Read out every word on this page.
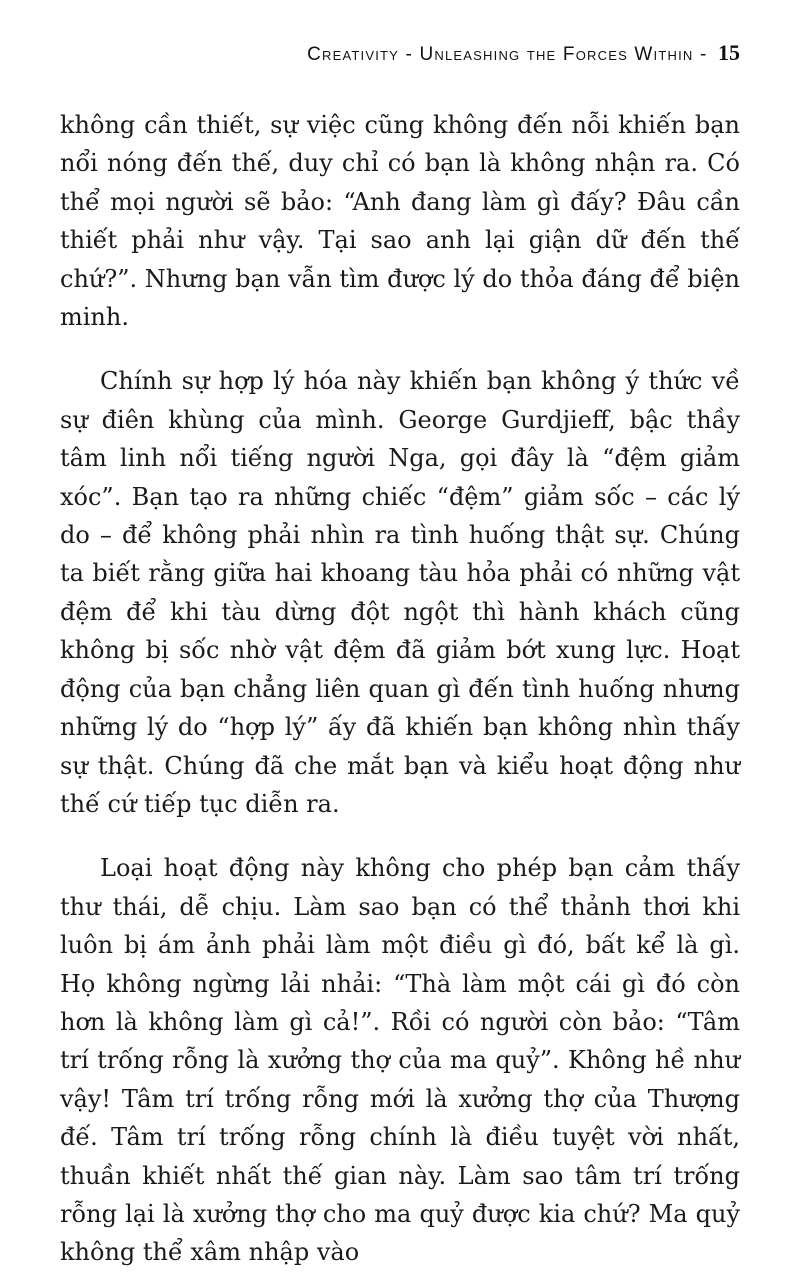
Creativity - Unleashing the Forces Within - 15

không cần thiết, sự việc cũng không đến nỗi khiến bạn nổi nóng đến thế, duy chỉ có bạn là không nhận ra. Có thể mọi người sẽ bảo: “Anh đang làm gì đấy? Đâu cần thiết phải như vậy. Tại sao anh lại giận dữ đến thế chứ?”. Nhưng bạn vẫn tìm được lý do thỏa đáng để biện minh.

Chính sự hợp lý hóa này khiến bạn không ý thức về sự điên khùng của mình. George Gurdjieff, bậc thầy tâm linh nổi tiếng người Nga, gọi đây là “đệm giảm xóc”. Bạn tạo ra những chiếc “đệm” giảm sốc – các lý do – để không phải nhìn ra tình huống thật sự. Chúng ta biết rằng giữa hai khoang tàu hỏa phải có những vật đệm để khi tàu dừng đột ngột thì hành khách cũng không bị sốc nhờ vật đệm đã giảm bớt xung lực. Hoạt động của bạn chẳng liên quan gì đến tình huống nhưng những lý do “hợp lý” ấy đã khiến bạn không nhìn thấy sự thật. Chúng đã che mắt bạn và kiểu hoạt động như thế cứ tiếp tục diễn ra.

Loại hoạt động này không cho phép bạn cảm thấy thư thái, dễ chịu. Làm sao bạn có thể thảnh thơi khi luôn bị ám ảnh phải làm một điều gì đó, bất kể là gì. Họ không ngừng lải nhải: “Thà làm một cái gì đó còn hơn là không làm gì cả!”. Rồi có người còn bảo: “Tâm trí trống rỗng là xưởng thợ của ma quỷ”. Không hề như vậy! Tâm trí trống rỗng mới là xưởng thợ của Thượng đế. Tâm trí trống rỗng chính là điều tuyệt vời nhất, thuần khiết nhất thế gian này. Làm sao tâm trí trống rỗng lại là xưởng thợ cho ma quỷ được kia chứ? Ma quỷ không thể xâm nhập vào
